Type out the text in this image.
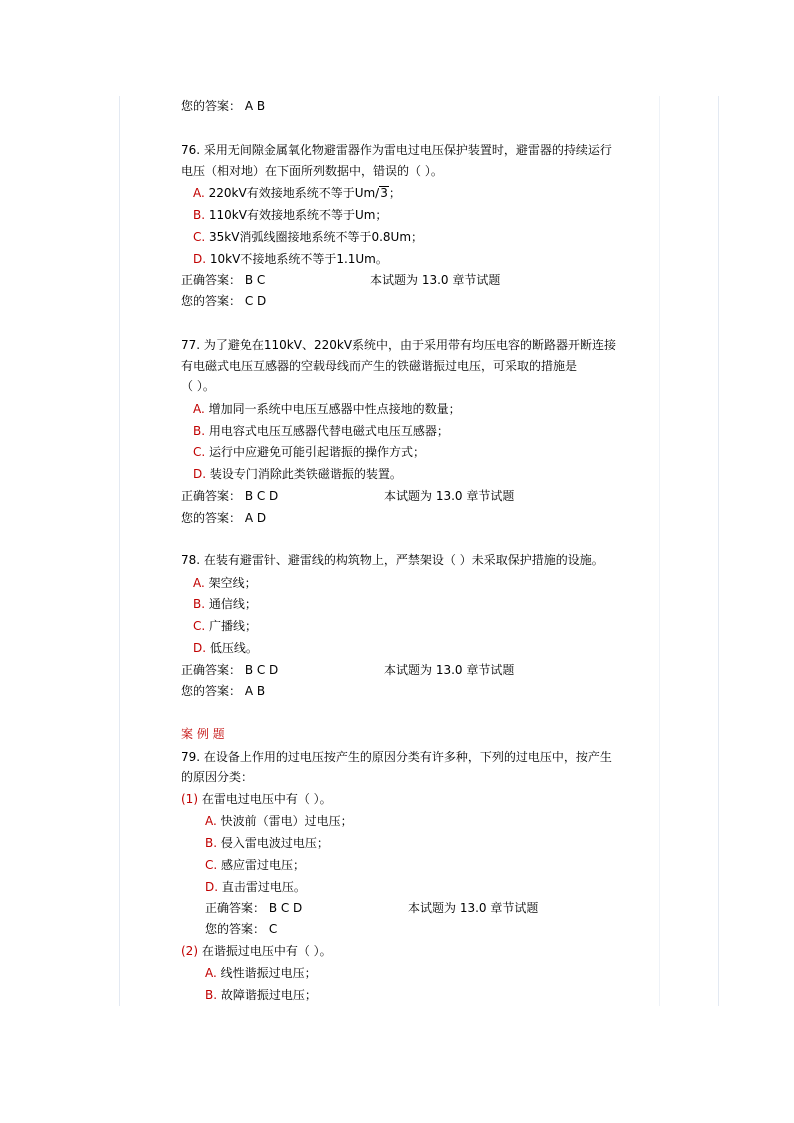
您的答案： A B
76. 采用无间隙金属氧化物避雷器作为雷电过电压保护装置时，避雷器的持续运行
电压（相对地）在下面所列数据中，错误的（ ）。
A. 220kV有效接地系统不等于Um/3；
B. 110kV有效接地系统不等于Um；
C. 35kV消弧线圈接地系统不等于0.8Um；
D. 10kV不接地系统不等于1.1Um。
正确答案： B C	本试题为 13.0 章节试题
您的答案： C D
77. 为了避免在110kV、220kV系统中，由于采用带有均压电容的断路器开断连接
有电磁式电压互感器的空载母线而产生的铁磁谐振过电压，可采取的措施是
（ ）。
A. 增加同一系统中电压互感器中性点接地的数量；
B. 用电容式电压互感器代替电磁式电压互感器；
C. 运行中应避免可能引起谐振的操作方式；
D. 装设专门消除此类铁磁谐振的装置。
正确答案： B C D	本试题为 13.0 章节试题
您的答案： A D
78. 在装有避雷针、避雷线的构筑物上，严禁架设（ ）未采取保护措施的设施。
A. 架空线；
B. 通信线；
C. 广播线；
D. 低压线。
正确答案： B C D	本试题为 13.0 章节试题
您的答案： A B
案 例 题
79. 在设备上作用的过电压按产生的原因分类有许多种，下列的过电压中，按产生
的原因分类：
(1) 在雷电过电压中有（ ）。
A. 快波前（雷电）过电压；
B. 侵入雷电波过电压；
C. 感应雷过电压；
D. 直击雷过电压。
正确答案： B C D	本试题为 13.0 章节试题
您的答案： C
(2) 在谐振过电压中有（ ）。
A. 线性谐振过电压；
B. 故障谐振过电压；
